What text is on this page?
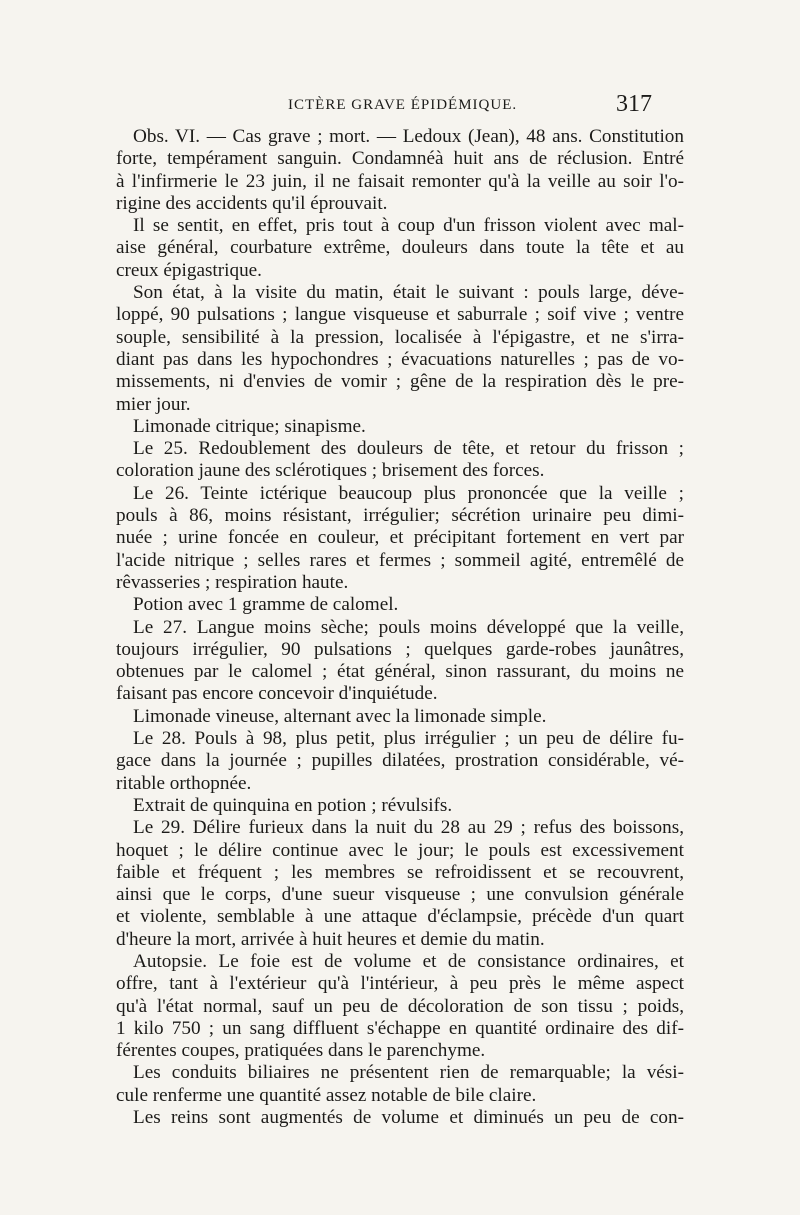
ICTÈRE GRAVE ÉPIDÉMIQUE.	317
Obs. VI. — Cas grave ; mort. — Ledoux (Jean), 48 ans. Constitution
forte, tempérament sanguin. Condamnéà huit ans de réclusion. Entré
à l'infirmerie le 23 juin, il ne faisait remonter qu'à la veille au soir l'o-
rigine des accidents qu'il éprouvait.
Il se sentit, en effet, pris tout à coup d'un frisson violent avec mal-
aise général, courbature extrême, douleurs dans toute la tête et au
creux épigastrique.
Son état, à la visite du matin, était le suivant : pouls large, déve-
loppé, 90 pulsations ; langue visqueuse et saburrale ; soif vive ; ventre
souple, sensibilité à la pression, localisée à l'épigastre, et ne s'irra-
diant pas dans les hypochondres ; évacuations naturelles ; pas de vo-
missements, ni d'envies de vomir ; gêne de la respiration dès le pre-
mier jour.
Limonade citrique; sinapisme.
Le 25. Redoublement des douleurs de tête, et retour du frisson ;
coloration jaune des sclérotiques ; brisement des forces.
Le 26. Teinte ictérique beaucoup plus prononcée que la veille ;
pouls à 86, moins résistant, irrégulier; sécrétion urinaire peu dimi-
nuée ; urine foncée en couleur, et précipitant fortement en vert par
l'acide nitrique ; selles rares et fermes ; sommeil agité, entremêlé de
rêvasseries ; respiration haute.
Potion avec 1 gramme de calomel.
Le 27. Langue moins sèche; pouls moins développé que la veille,
toujours irrégulier, 90 pulsations ; quelques garde-robes jaunâtres,
obtenues par le calomel ; état général, sinon rassurant, du moins ne
faisant pas encore concevoir d'inquiétude.
Limonade vineuse, alternant avec la limonade simple.
Le 28. Pouls à 98, plus petit, plus irrégulier ; un peu de délire fu-
gace dans la journée ; pupilles dilatées, prostration considérable, vé-
ritable orthopnée.
Extrait de quinquina en potion ; révulsifs.
Le 29. Délire furieux dans la nuit du 28 au 29 ; refus des boissons,
hoquet ; le délire continue avec le jour; le pouls est excessivement
faible et fréquent ; les membres se refroidissent et se recouvrent,
ainsi que le corps, d'une sueur visqueuse ; une convulsion générale
et violente, semblable à une attaque d'éclampsie, précède d'un quart
d'heure la mort, arrivée à huit heures et demie du matin.
Autopsie. Le foie est de volume et de consistance ordinaires, et
offre, tant à l'extérieur qu'à l'intérieur, à peu près le même aspect
qu'à l'état normal, sauf un peu de décoloration de son tissu ; poids,
1 kilo 750 ; un sang diffluent s'échappe en quantité ordinaire des dif-
férentes coupes, pratiquées dans le parenchyme.
Les conduits biliaires ne présentent rien de remarquable; la vési-
cule renferme une quantité assez notable de bile claire.
Les reins sont augmentés de volume et diminués un peu de con-
